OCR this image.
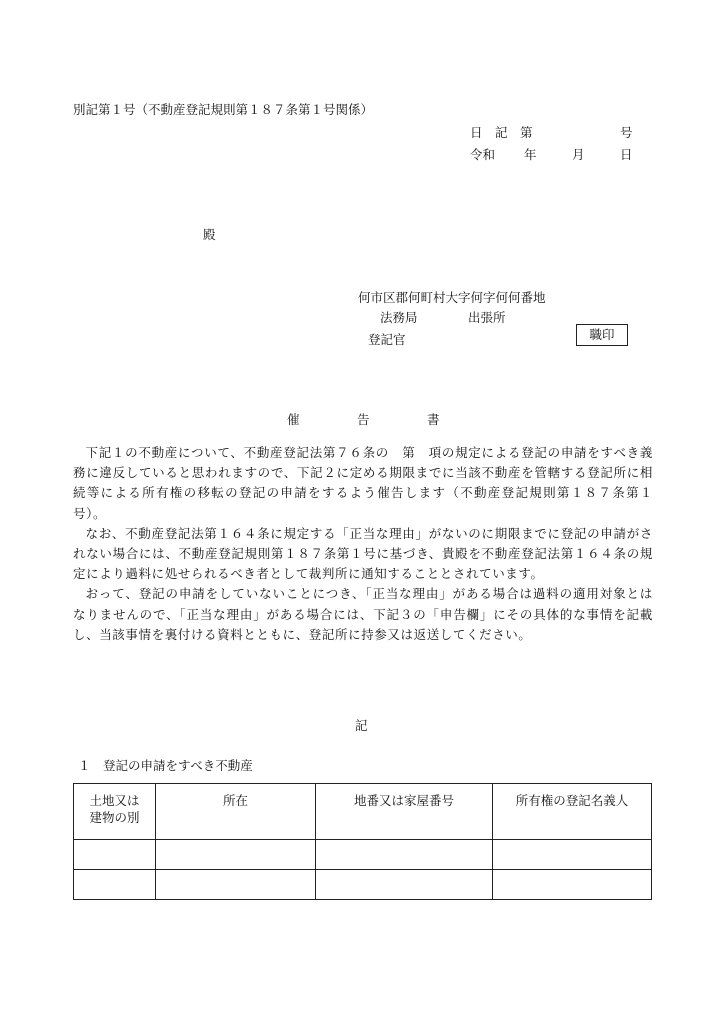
別記第１号（不動産登記規則第１８７条第１号関係）
日　記　第	号
令和 年	月	日
殿
何市区郡何町村大字何字何何番地
法務局	出張所
登記官	職印
催	告	書

下記１の不動産について、不動産登記法第７６条の　第　項の規定による登記の申請をすべき義務に違反していると思われますので、下記２に定める期限までに当該不動産を管轄する登記所に相続等による所有権の移転の登記の申請をするよう催告します（不動産登記規則第１８７条第１号）。

なお、不動産登記法第１６４条に規定する「正当な理由」がないのに期限までに登記の申請がされない場合には、不動産登記規則第１８７条第１号に基づき、貴殿を不動産登記法第１６４条の規定により過料に処せられるべき者として裁判所に通知することとされています。

おって、登記の申請をしていないことにつき、「正当な理由」がある場合は過料の適用対象とはなりませんので、「正当な理由」がある場合には、下記３の「申告欄」にその具体的な事情を記載し、当該事情を裏付ける資料とともに、登記所に持参又は返送してください。

記
１　登記の申請をすべき不動産
土地又は
建物の別	所在	地番又は家屋番号	所有権の登記名義人
